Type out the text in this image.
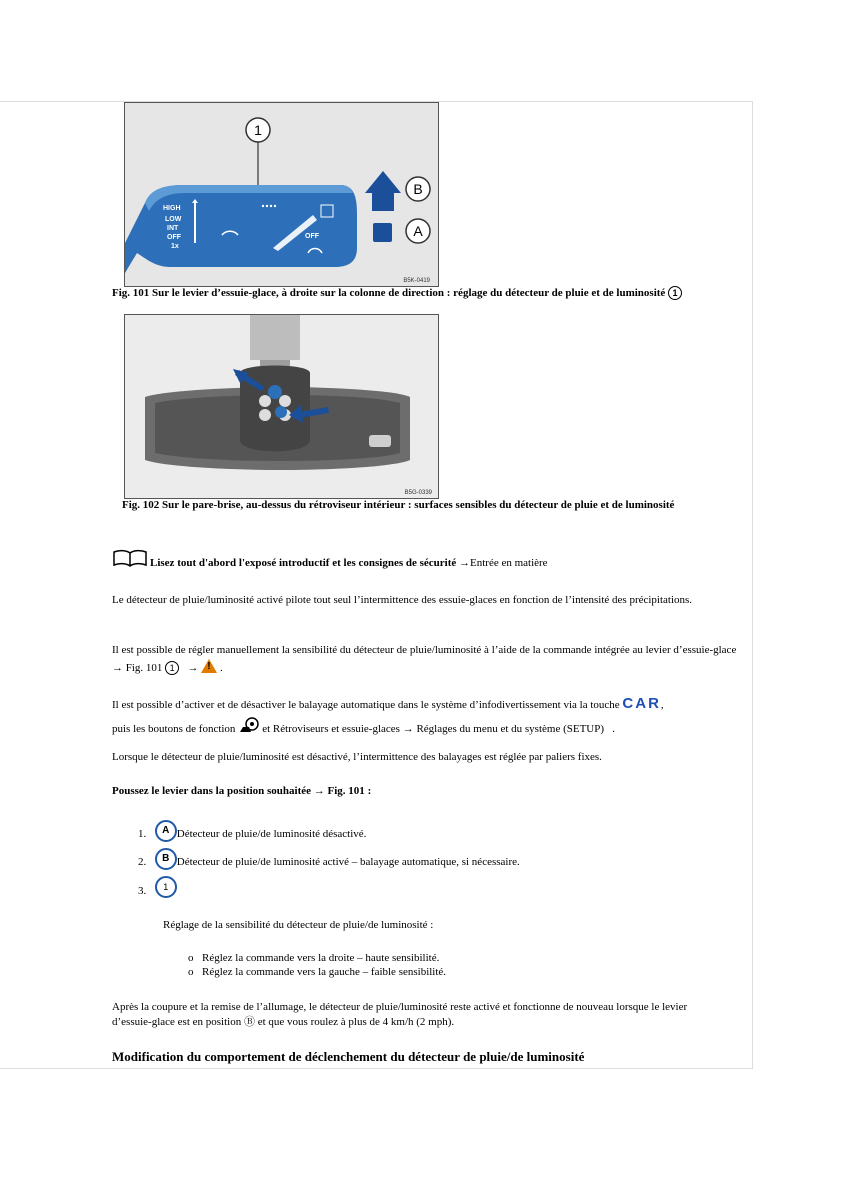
1
HIGH
LOW
INT
OFF
1x
OFF
B
A
B5K-0419
Fig. 101 Sur le levier d’essuie-glace, à droite sur la colonne de direction : réglage du détecteur de pluie et de luminosité 1
B5G-0339
Fig. 102 Sur le pare-brise, au-dessus du rétroviseur intérieur : surfaces sensibles du détecteur de pluie et de luminosité
Lisez tout d'abord l'exposé introductif et les consignes de sécurité →Entrée en matière
Le détecteur de pluie/luminosité activé pilote tout seul l’intermittence des essuie-glaces en fonction de l’intensité des précipitations.
Il est possible de régler manuellement la sensibilité du détecteur de pluie/luminosité à l’aide de la commande intégrée au levier d’essuie-glace → Fig. 101 1 → ! .
Il est possible d’activer et de désactiver le balayage automatique dans le système d’infodivertissement via la touche CAR,
puis les boutons de fonction et Rétroviseurs et essuie-glaces → Réglages du menu et du système (SETUP) .
Lorsque le détecteur de pluie/luminosité est désactivé, l’intermittence des balayages est réglée par paliers fixes.
Poussez le levier dans la position souhaitée → Fig. 101 :
1. A Détecteur de pluie/de luminosité désactivé.
2. B Détecteur de pluie/de luminosité activé – balayage automatique, si nécessaire.
3. 1
Réglage de la sensibilité du détecteur de pluie/de luminosité :
o Réglez la commande vers la droite – haute sensibilité.
o Réglez la commande vers la gauche – faible sensibilité.
Après la coupure et la remise de l’allumage, le détecteur de pluie/luminosité reste activé et fonctionne de nouveau lorsque le levier d’essuie-glace est en position Ⓑ et que vous roulez à plus de 4 km/h (2 mph).
Modification du comportement de déclenchement du détecteur de pluie/de luminosité
